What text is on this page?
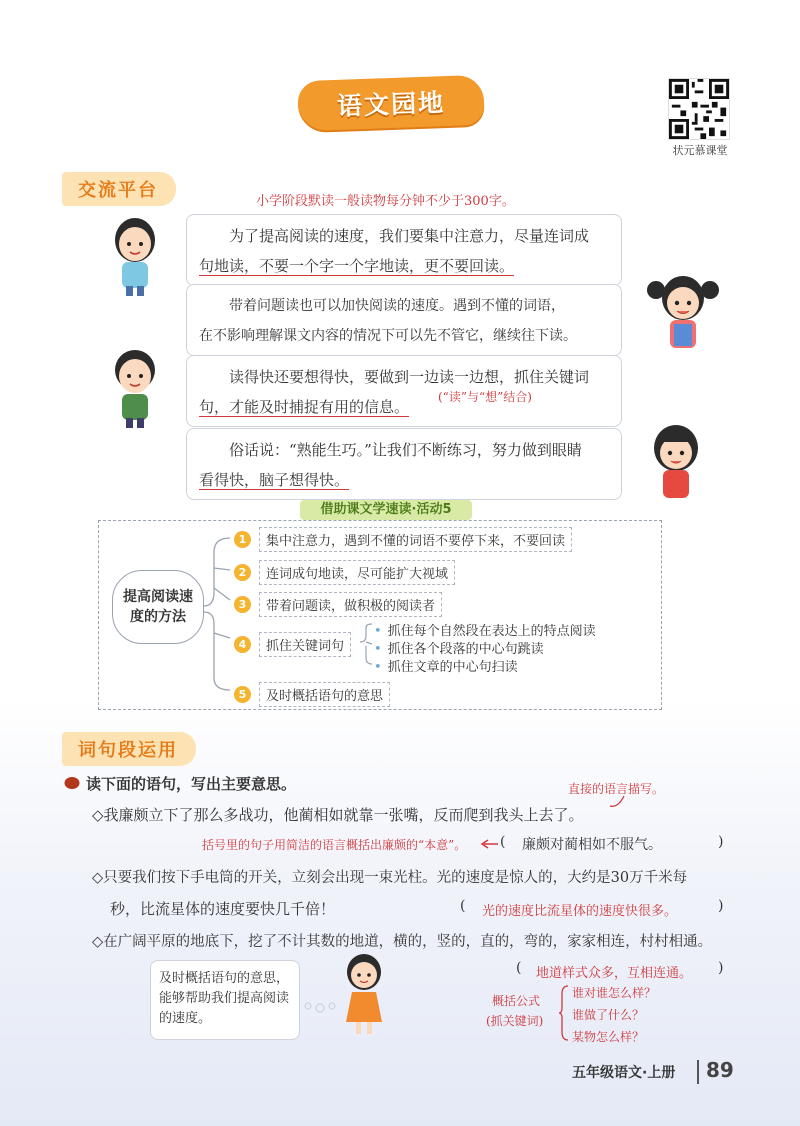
语文园地
状元慕课堂
交流平台
小学阶段默读一般读物每分钟不少于300字。
为了提高阅读的速度，我们要集中注意力，尽量连词成
句地读，不要一个字一个字地读，更不要回读。
带着问题读也可以加快阅读的速度。遇到不懂的词语，
在不影响理解课文内容的情况下可以先不管它，继续往下读。
读得快还要想得快，要做到一边读一边想，抓住关键词
句，才能及时捕捉有用的信息。
(“读”与“想”结合)
俗话说：“熟能生巧。”让我们不断练习，努力做到眼睛
看得快，脑子想得快。
借助课文学速读·活动5
提高阅读速度的方法
1	集中注意力，遇到不懂的词语不要停下来，不要回读
2	连词成句地读，尽可能扩大视域
3	带着问题读，做积极的阅读者
4	抓住关键词句
• 抓住每个自然段在表达上的特点阅读
• 抓住各个段落的中心句跳读
• 抓住文章的中心句扫读
5	及时概括语句的意思
词句段运用
读下面的语句，写出主要意思。	直接的语言描写。
◇我廉颇立下了那么多战功，他蔺相如就靠一张嘴，反而爬到我头上去了。
括号里的句子用简洁的语言概括出廉颇的“本意”。 ( 廉颇对蔺相如不服气。	)
◇只要我们按下手电筒的开关，立刻会出现一束光柱。光的速度是惊人的，大约是30万千米每
秒，比流星体的速度要快几千倍！	( 光的速度比流星体的速度快很多。	)
◇在广阔平原的地底下，挖了不计其数的地道，横的，竖的，直的，弯的，家家相连，村村相通。
( 地道样式众多，互相连通。 )
及时概括语句的意思，能够帮助我们提高阅读的速度。
概括公式
(抓关键词)
谁对谁怎么样？
谁做了什么？
某物怎么样？
五年级语文·上册 89
